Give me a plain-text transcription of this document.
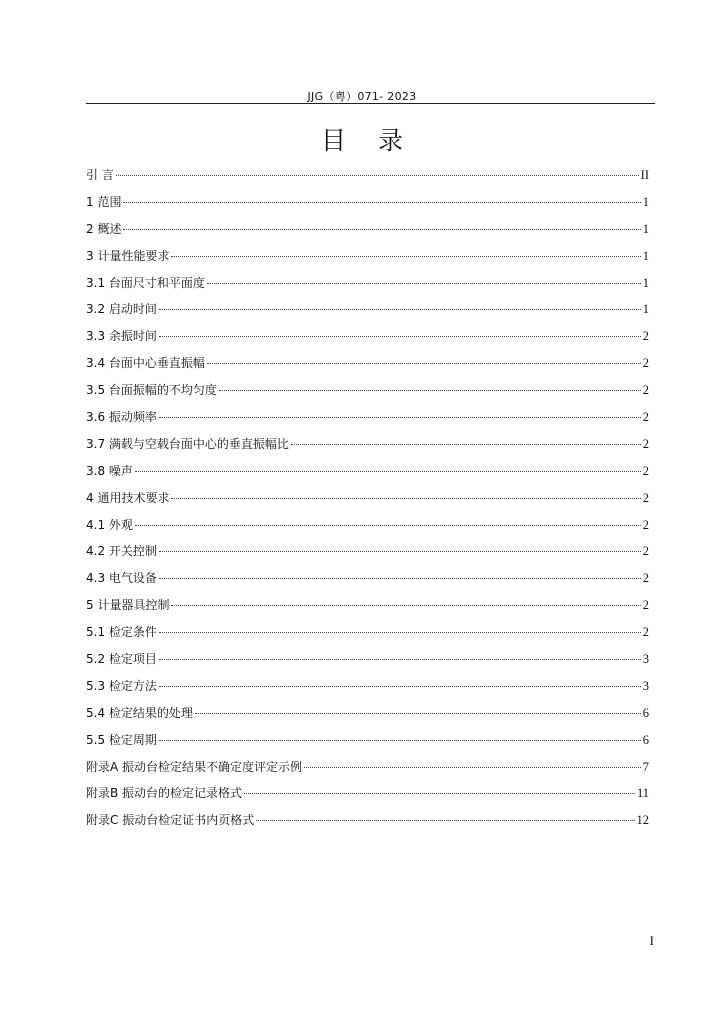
JJG（粤）071- 2023
目 录
引 言	II
1 范围	1
2 概述	1
3 计量性能要求	1
3.1 台面尺寸和平面度	1
3.2 启动时间	1
3.3 余振时间	2
3.4 台面中心垂直振幅	2
3.5 台面振幅的不均匀度	2
3.6 振动频率	2
3.7 满载与空载台面中心的垂直振幅比	2
3.8 噪声	2
4 通用技术要求	2
4.1 外观	2
4.2 开关控制	2
4.3 电气设备	2
5 计量器具控制	2
5.1 检定条件	2
5.2 检定项目	3
5.3 检定方法	3
5.4 检定结果的处理	6
5.5 检定周期	6
附录A 振动台检定结果不确定度评定示例	7
附录B 振动台的检定记录格式	11
附录C 振动台检定证书内页格式	12
I
